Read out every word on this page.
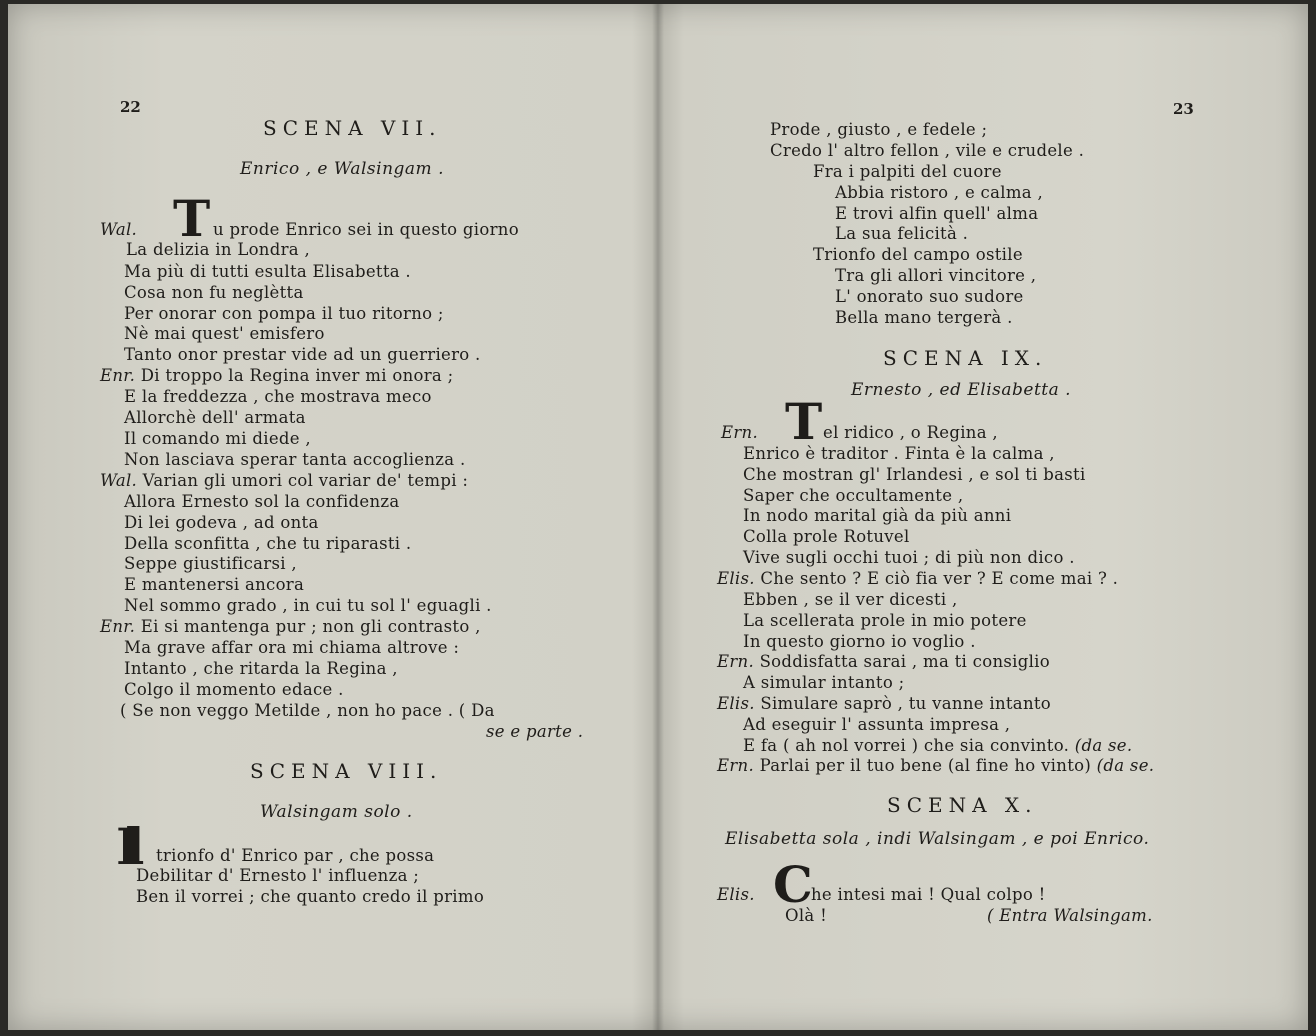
22
SCENA VII.
Enrico , e Walsingam .
Wal. T u prode Enrico sei in questo giorno
La delizia in Londra ,
Ma più di tutti esulta Elisabetta .
Cosa non fu neglètta
Per onorar con pompa il tuo ritorno ;
Nè mai quest' emisfero
Tanto onor prestar vide ad un guerriero .
Enr. Di troppo la Regina inver mi onora ;
E la freddezza , che mostrava meco
Allorchè dell' armata
Il comando mi diede ,
Non lasciava sperar tanta accoglienza .
Wal. Varian gli umori col variar de' tempi :
Allora Ernesto sol la confidenza
Di lei godeva , ad onta
Della sconfitta , che tu riparasti .
Seppe giustificarsi ,
E mantenersi ancora
Nel sommo grado , in cui tu sol l' eguagli .
Enr. Ei si mantenga pur ; non gli contrasto ,
Ma grave affar ora mi chiama altrove :
Intanto , che ritarda la Regina ,
Colgo il momento edace .
( Se non veggo Metilde , non ho pace . ( Da
se e parte .
SCENA VIII.
Walsingam solo .
Il trionfo d' Enrico par , che possa
Debilitar d' Ernesto l' influenza ;
Ben il vorrei ; che quanto credo il primo
23
Prode , giusto , e fedele ;
Credo l' altro fellon , vile e crudele .
Fra i palpiti del cuore
Abbia ristoro , e calma ,
E trovi alfin quell' alma
La sua felicità .
Trionfo del campo ostile
Tra gli allori vincitore ,
L' onorato suo sudore
Bella mano tergerà .
SCENA IX.
Ernesto , ed Elisabetta .
Ern. T el ridico , o Regina ,
Enrico è traditor . Finta è la calma ,
Che mostran gl' Irlandesi , e sol ti basti
Saper che occultamente ,
In nodo marital già da più anni
Colla prole Rotuvel
Vive sugli occhi tuoi ; di più non dico .
Elis. Che sento ? E ciò fia ver ? E come mai ? .
Ebben , se il ver dicesti ,
La scellerata prole in mio potere
In questo giorno io voglio .
Ern. Soddisfatta sarai , ma ti consiglio
A simular intanto ;
Elis. Simulare saprò , tu vanne intanto
Ad eseguir l' assunta impresa ,
E fa ( ah nol vorrei ) che sia convinto. (da se.
Ern. Parlai per il tuo bene (al fine ho vinto) (da se.
SCENA X.
Elisabetta sola , indi Walsingam , e poi Enrico.
Elis. C
he intesi mai ! Qual colpo !
Olà !	( Entra Walsingam.
